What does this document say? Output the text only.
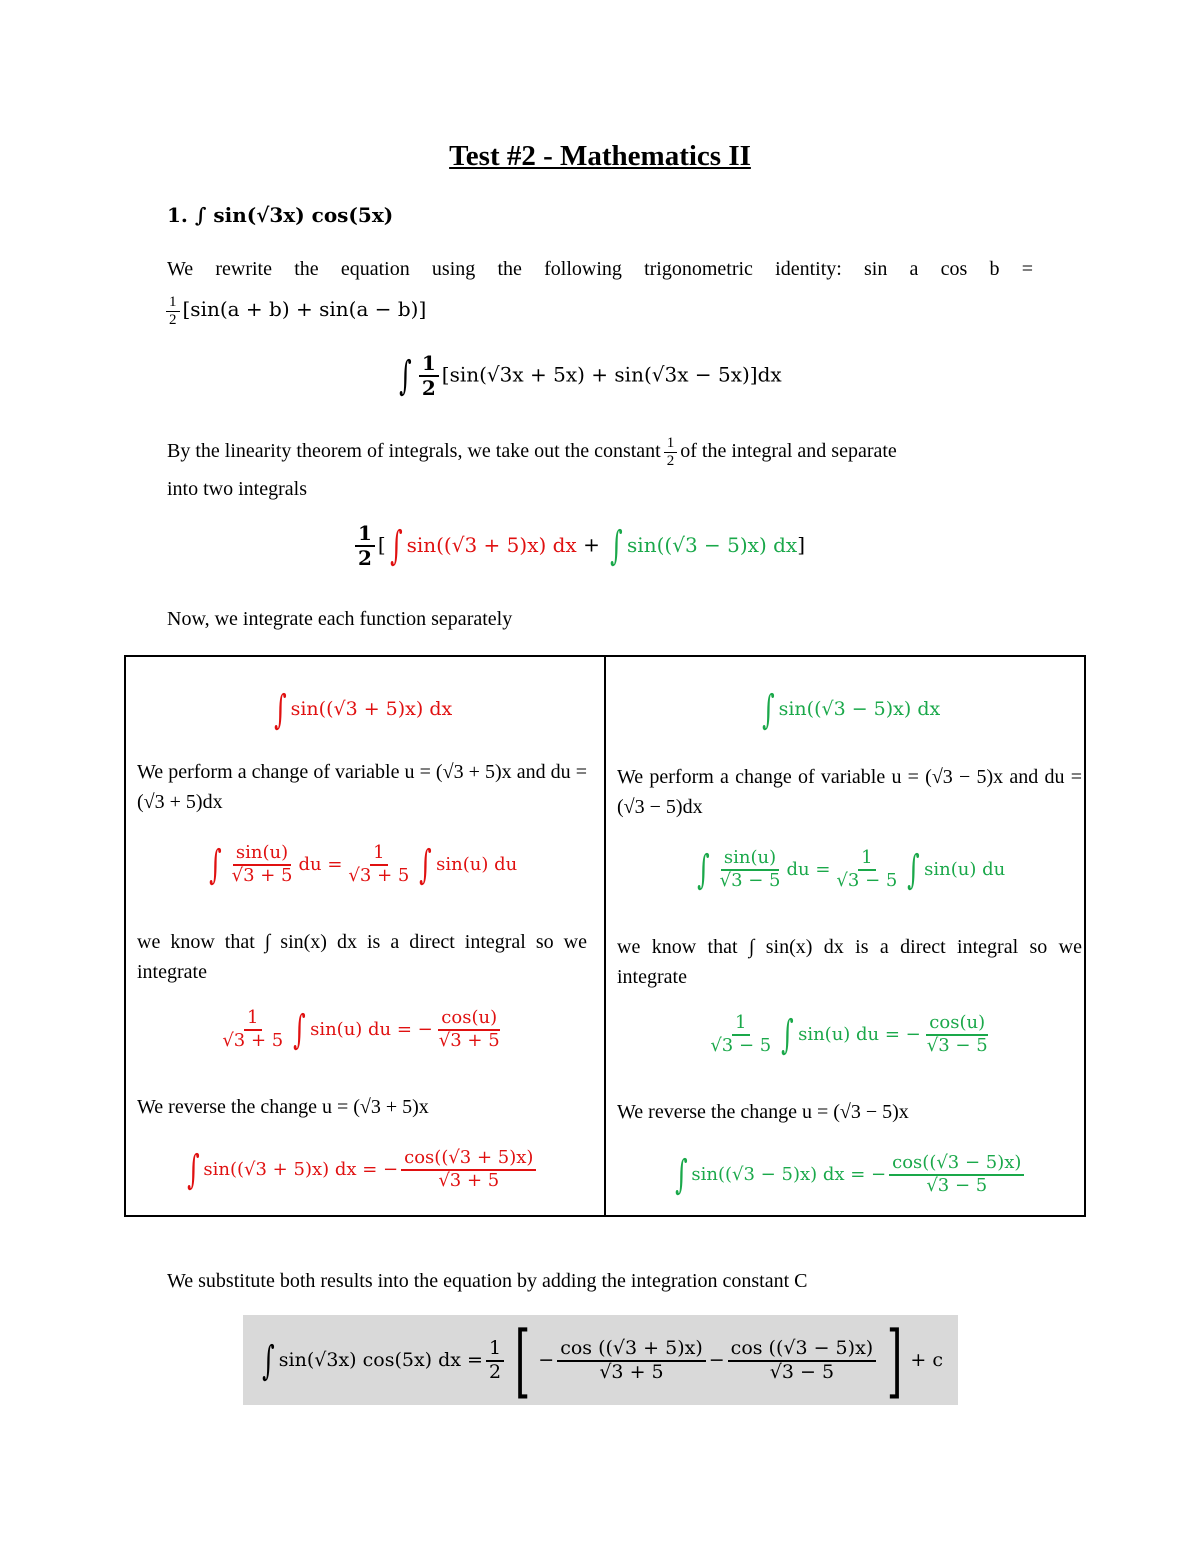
Test #2 - Mathematics II
1. ∫ sin(√3x) cos(5x)
We rewrite the equation using the following trigonometric identity: sin a cos b =
$\frac{1}{2} [\sin(a + b) + \sin(a - b)]$
∫ $\frac{1}{2} [\sin(√3x + 5x) + \sin(√3x - 5x)]dx$
By the linearity theorem of integrals, we take out the constant $\frac{1}{2}$ of the integral and separate
into two integrals
$\frac{1}{2}$ [ ∫ sin((√3 + 5)x) dx + ∫ sin((√3 − 5)x) dx]
Now, we integrate each function separately
∫ sin((√3 + 5)x) dx
We perform a change of variable u = (√3 + 5)x and du = (√3 + 5)dx
∫ $\frac{\sin(u)}{√3 + 5}$ du = $\frac{1}{√3 + 5}$ ∫ sin(u) du
we know that ∫ sin(x) dx is a direct integral so we integrate
$\frac{1}{√3 + 5}$ ∫ sin(u) du = − $\frac{\cos(u)}{√3 + 5}$
We reverse the change u = (√3 + 5)x
∫ sin((√3 + 5)x) dx = − $\frac{\cos((√3 + 5)x)}{√3 + 5}$

∫ sin((√3 − 5)x) dx
We perform a change of variable u = (√3 − 5)x and du = (√3 − 5)dx
∫ $\frac{\sin(u)}{√3 - 5}$ du = $\frac{1}{√3 - 5}$ ∫ sin(u) du
we know that ∫ sin(x) dx is a direct integral so we integrate
$\frac{1}{√3 - 5}$ ∫ sin(u) du = − $\frac{\cos(u)}{√3 - 5}$
We reverse the change u = (√3 − 5)x
∫ sin((√3 − 5)x) dx = − $\frac{\cos((√3 - 5)x)}{√3 - 5}$
We substitute both results into the equation by adding the integration constant C
∫ sin(√3x) cos(5x) dx = $\frac{1}{2}$ [ − $\frac{\cos ((√3 + 5)x)}{√3 + 5} - \frac{\cos ((√3 - 5)x)}{√3 - 5}$ ] + c
